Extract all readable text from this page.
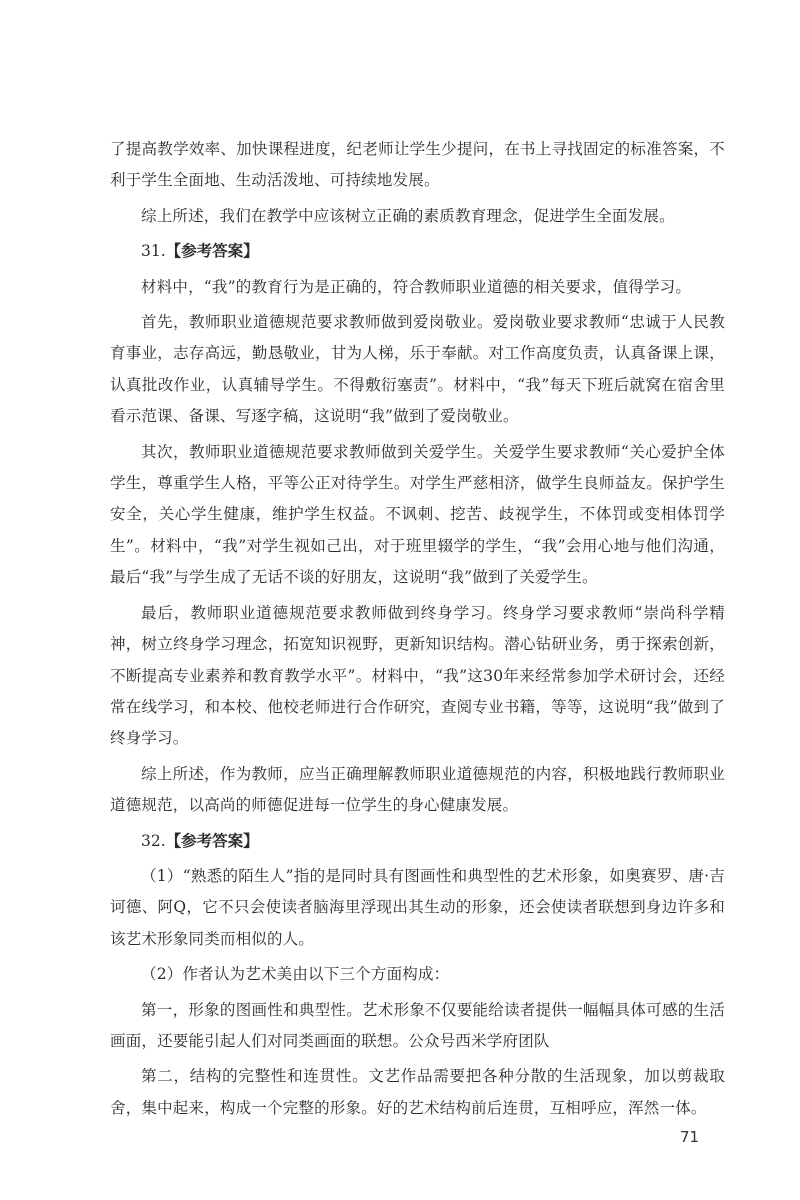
了提高教学效率、加快课程进度，纪老师让学生少提问，在书上寻找固定的标准答案，不利于学生全面地、生动活泼地、可持续地发展。

综上所述，我们在教学中应该树立正确的素质教育理念，促进学生全面发展。

31.【参考答案】

材料中，“我”的教育行为是正确的，符合教师职业道德的相关要求，值得学习。

首先，教师职业道德规范要求教师做到爱岗敬业。爱岗敬业要求教师“忠诚于人民教育事业，志存高远，勤恳敬业，甘为人梯，乐于奉献。对工作高度负责，认真备课上课，认真批改作业，认真辅导学生。不得敷衍塞责”。材料中，“我”每天下班后就窝在宿舍里看示范课、备课、写逐字稿，这说明“我”做到了爱岗敬业。

其次，教师职业道德规范要求教师做到关爱学生。关爱学生要求教师“关心爱护全体学生，尊重学生人格，平等公正对待学生。对学生严慈相济，做学生良师益友。保护学生安全，关心学生健康，维护学生权益。不讽刺、挖苦、歧视学生，不体罚或变相体罚学生”。材料中，“我”对学生视如己出，对于班里辍学的学生，“我”会用心地与他们沟通，最后“我”与学生成了无话不谈的好朋友，这说明“我”做到了关爱学生。

最后，教师职业道德规范要求教师做到终身学习。终身学习要求教师“崇尚科学精神，树立终身学习理念，拓宽知识视野，更新知识结构。潜心钻研业务，勇于探索创新，不断提高专业素养和教育教学水平”。材料中，“我”这30年来经常参加学术研讨会，还经常在线学习，和本校、他校老师进行合作研究，查阅专业书籍，等等，这说明“我”做到了终身学习。

综上所述，作为教师，应当正确理解教师职业道德规范的内容，积极地践行教师职业道德规范，以高尚的师德促进每一位学生的身心健康发展。

32.【参考答案】

（1）“熟悉的陌生人”指的是同时具有图画性和典型性的艺术形象，如奥赛罗、唐·吉诃德、阿Q，它不只会使读者脑海里浮现出其生动的形象，还会使读者联想到身边许多和该艺术形象同类而相似的人。

（2）作者认为艺术美由以下三个方面构成：

第一，形象的图画性和典型性。艺术形象不仅要能给读者提供一幅幅具体可感的生活画面，还要能引起人们对同类画面的联想。公众号西米学府团队

第二，结构的完整性和连贯性。文艺作品需要把各种分散的生活现象，加以剪裁取舍，集中起来，构成一个完整的形象。好的艺术结构前后连贯，互相呼应，浑然一体。

71
